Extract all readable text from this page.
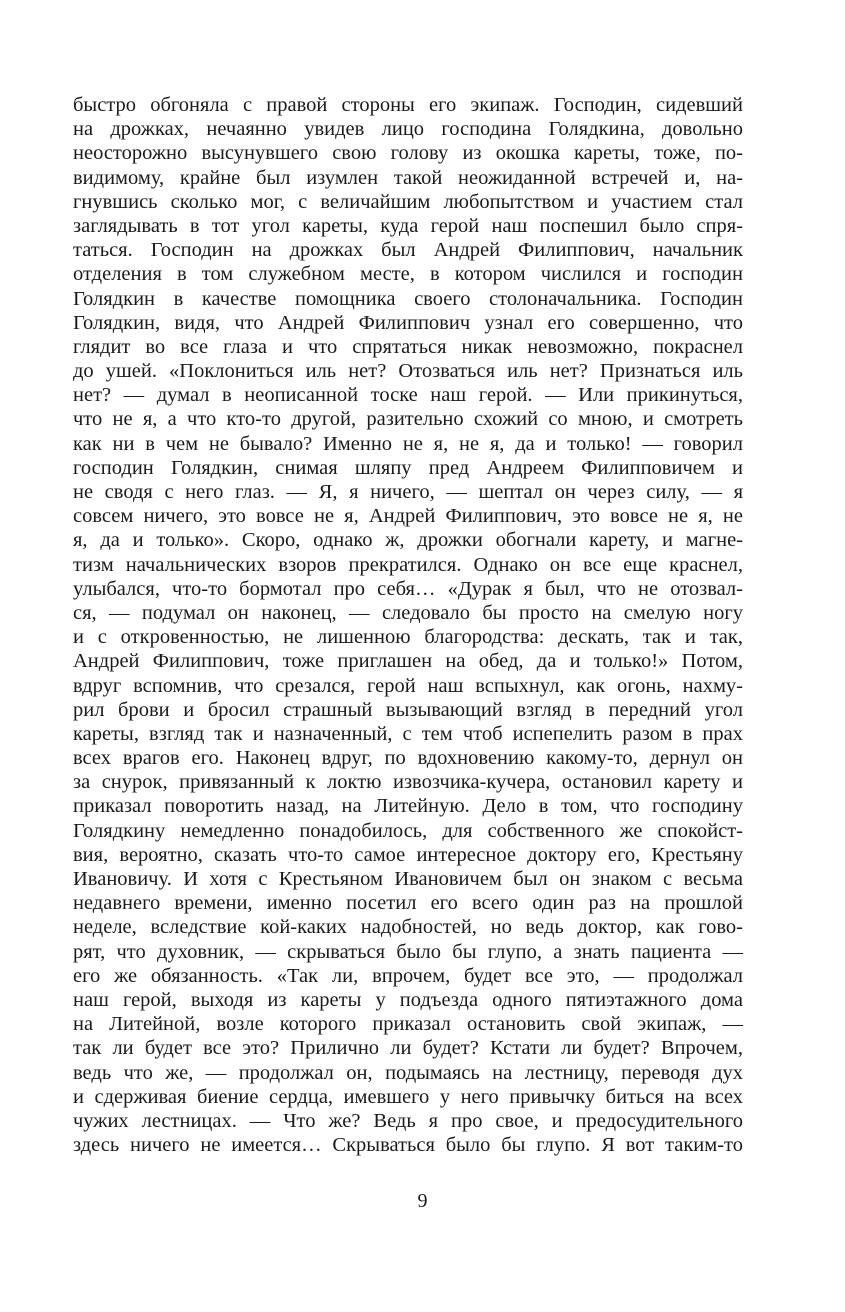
быстро обгоняла с правой стороны его экипаж. Господин, сидевший
на дрожках, нечаянно увидев лицо господина Голядкина, довольно
неосторожно высунувшего свою голову из окошка кареты, тоже, по-
видимому, крайне был изумлен такой неожиданной встречей и, на-
гнувшись сколько мог, с величайшим любопытством и участием стал
заглядывать в тот угол кареты, куда герой наш поспешил было спря-
таться. Господин на дрожках был Андрей Филиппович, начальник
отделения в том служебном месте, в котором числился и господин
Голядкин в качестве помощника своего столоначальника. Господин
Голядкин, видя, что Андрей Филиппович узнал его совершенно, что
глядит во все глаза и что спрятаться никак невозможно, покраснел
до ушей. «Поклониться иль нет? Отозваться иль нет? Признаться иль
нет? — думал в неописанной тоске наш герой. — Или прикинуться,
что не я, а что кто-то другой, разительно схожий со мною, и смотреть
как ни в чем не бывало? Именно не я, не я, да и только! — говорил
господин Голядкин, снимая шляпу пред Андреем Филипповичем и
не сводя с него глаз. — Я, я ничего, — шептал он через силу, — я
совсем ничего, это вовсе не я, Андрей Филиппович, это вовсе не я, не
я, да и только». Скоро, однако ж, дрожки обогнали карету, и магне-
тизм начальнических взоров прекратился. Однако он все еще краснел,
улыбался, что-то бормотал про себя… «Дурак я был, что не отозвал-
ся, — подумал он наконец, — следовало бы просто на смелую ногу
и с откровенностью, не лишенною благородства: дескать, так и так,
Андрей Филиппович, тоже приглашен на обед, да и только!» Потом,
вдруг вспомнив, что срезался, герой наш вспыхнул, как огонь, нахму-
рил брови и бросил страшный вызывающий взгляд в передний угол
кареты, взгляд так и назначенный, с тем чтоб испепелить разом в прах
всех врагов его. Наконец вдруг, по вдохновению какому-то, дернул он
за снурок, привязанный к локтю извозчика-кучера, остановил карету и
приказал поворотить назад, на Литейную. Дело в том, что господину
Голядкину немедленно понадобилось, для собственного же спокойст-
вия, вероятно, сказать что-то самое интересное доктору его, Крестьяну
Ивановичу. И хотя с Крестьяном Ивановичем был он знаком с весьма
недавнего времени, именно посетил его всего один раз на прошлой
неделе, вследствие кой-каких надобностей, но ведь доктор, как гово-
рят, что духовник, — скрываться было бы глупо, а знать пациента —
его же обязанность. «Так ли, впрочем, будет все это, — продолжал
наш герой, выходя из кареты у подъезда одного пятиэтажного дома
на Литейной, возле которого приказал остановить свой экипаж, —
так ли будет все это? Прилично ли будет? Кстати ли будет? Впрочем,
ведь что же, — продолжал он, подымаясь на лестницу, переводя дух
и сдерживая биение сердца, имевшего у него привычку биться на всех
чужих лестницах. — Что же? Ведь я про свое, и предосудительного
здесь ничего не имеется… Скрываться было бы глупо. Я вот таким-то
9
